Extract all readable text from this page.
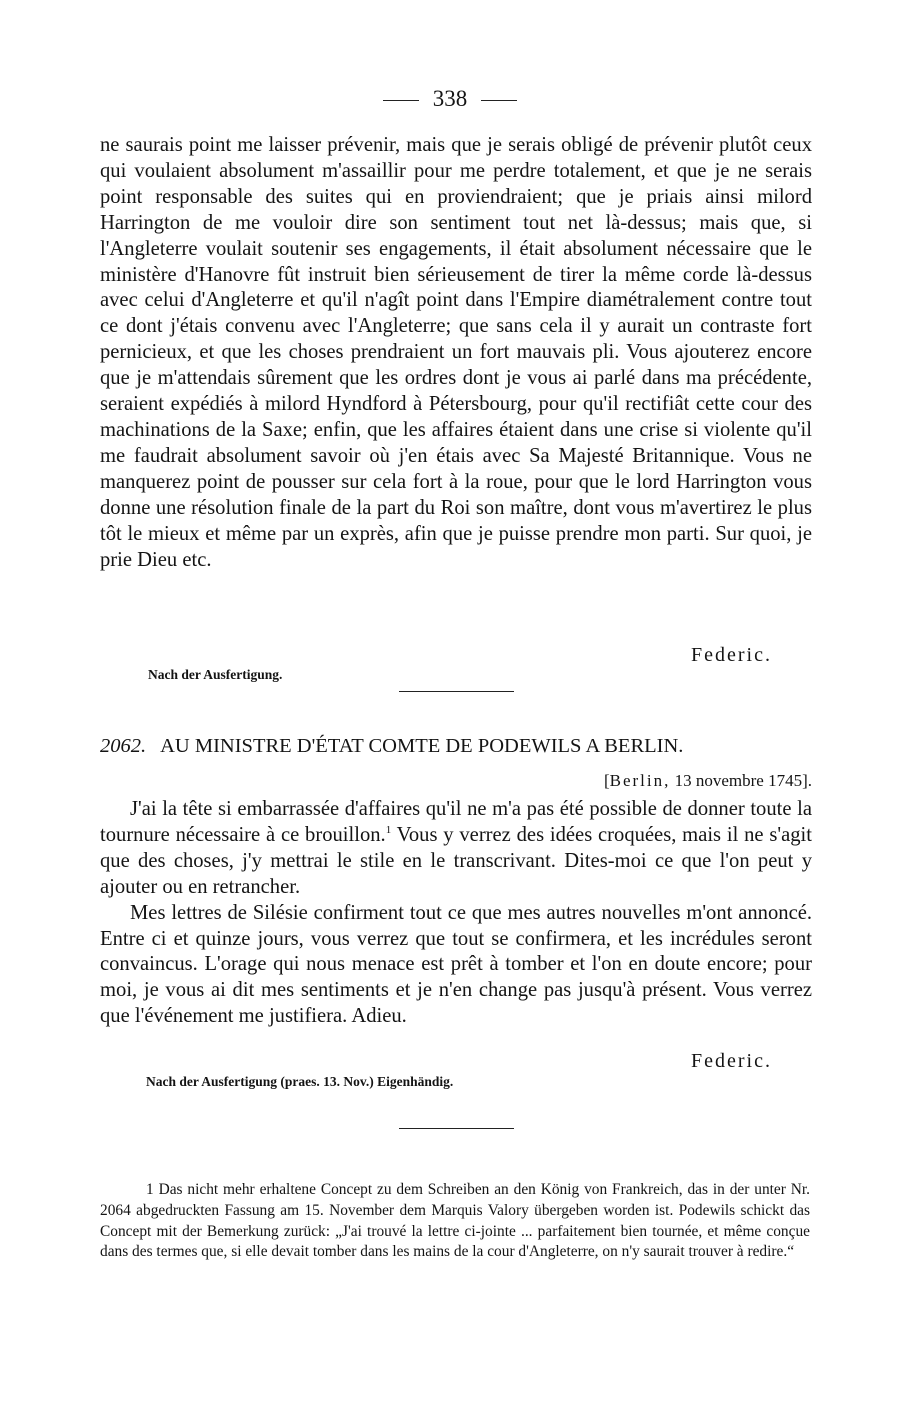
338

ne saurais point me laisser prévenir, mais que je serais obligé de prévenir plutôt ceux qui voulaient absolument m'assaillir pour me perdre totalement, et que je ne serais point responsable des suites qui en proviendraient; que je priais ainsi milord Harrington de me vouloir dire son sentiment tout net là-dessus; mais que, si l'Angleterre voulait soutenir ses engagements, il était absolument nécessaire que le ministère d'Hanovre fût instruit bien sérieusement de tirer la même corde là-dessus avec celui d'Angleterre et qu'il n'agît point dans l'Empire diamétralement contre tout ce dont j'étais convenu avec l'Angleterre; que sans cela il y aurait un contraste fort pernicieux, et que les choses prendraient un fort mauvais pli. Vous ajouterez encore que je m'attendais sûrement que les ordres dont je vous ai parlé dans ma précédente, seraient expédiés à milord Hyndford à Pétersbourg, pour qu'il rectifiât cette cour des machinations de la Saxe; enfin, que les affaires étaient dans une crise si violente qu'il me faudrait absolument savoir où j'en étais avec Sa Majesté Britannique. Vous ne manquerez point de pousser sur cela fort à la roue, pour que le lord Harrington vous donne une résolution finale de la part du Roi son maître, dont vous m'avertirez le plus tôt le mieux et même par un exprès, afin que je puisse prendre mon parti. Sur quoi, je prie Dieu etc.

Federic.
Nach der Ausfertigung.
2062. AU MINISTRE D'ÉTAT COMTE DE PODEWILS A BERLIN.
[Berlin, 13 novembre 1745].

J'ai la tête si embarrassée d'affaires qu'il ne m'a pas été possible de donner toute la tournure nécessaire à ce brouillon.$^1$ Vous y verrez des idées croquées, mais il ne s'agit que des choses, j'y mettrai le stile en le transcrivant. Dites-moi ce que l'on peut y ajouter ou en retrancher.

Mes lettres de Silésie confirment tout ce que mes autres nouvelles m'ont annoncé. Entre ci et quinze jours, vous verrez que tout se confirmera, et les incrédules seront convaincus. L'orage qui nous menace est prêt à tomber et l'on en doute encore; pour moi, je vous ai dit mes sentiments et je n'en change pas jusqu'à présent. Vous verrez que l'événement me justifiera. Adieu.

Federic.
Nach der Ausfertigung (praes. 13. Nov.) Eigenhändig.

1 Das nicht mehr erhaltene Concept zu dem Schreiben an den König von Frankreich, das in der unter Nr. 2064 abgedruckten Fassung am 15. November dem Marquis Valory übergeben worden ist. Podewils schickt das Concept mit der Bemerkung zurück: „J'ai trouvé la lettre ci-jointe ... parfaitement bien tournée, et même conçue dans des termes que, si elle devait tomber dans les mains de la cour d'Angleterre, on n'y saurait trouver à redire.“
